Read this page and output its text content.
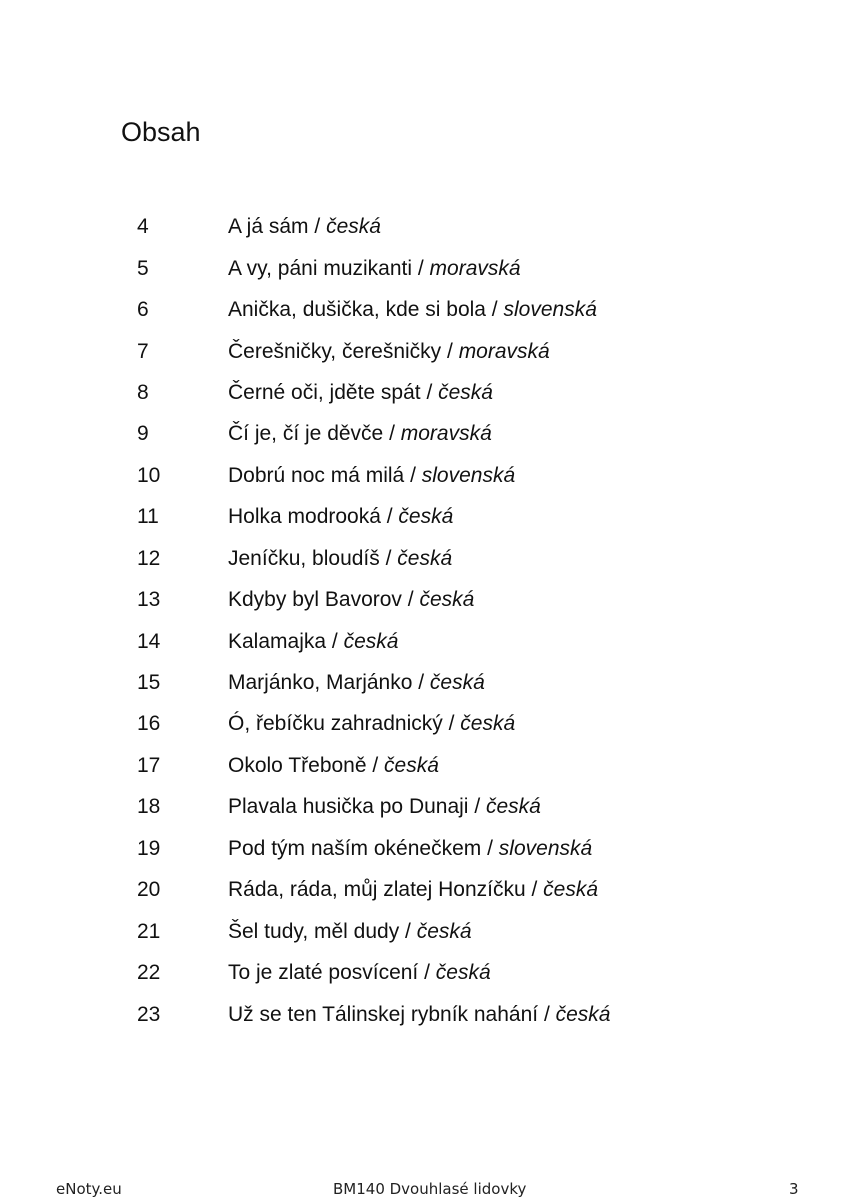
Obsah
4	A já sám / česká
5	A vy, páni muzikanti / moravská
6	Anička, dušička, kde si bola / slovenská
7	Čerešničky, čerešničky / moravská
8	Černé oči, jděte spát / česká
9	Čí je, čí je děvče / moravská
10	Dobrú noc má milá / slovenská
11	Holka modrooká / česká
12	Jeníčku, bloudíš / česká
13	Kdyby byl Bavorov / česká
14	Kalamajka / česká
15	Marjánko, Marjánko / česká
16	Ó, řebíčku zahradnický / česká
17	Okolo Třeboně / česká
18	Plavala husička po Dunaji / česká
19	Pod tým naším okénečkem / slovenská
20	Ráda, ráda, můj zlatej Honzíčku / česká
21	Šel tudy, měl dudy / česká
22	To je zlaté posvícení / česká
23	Už se ten Tálinskej rybník nahání / česká
eNoty.eu	BM140 Dvouhlasé lidovky	3
